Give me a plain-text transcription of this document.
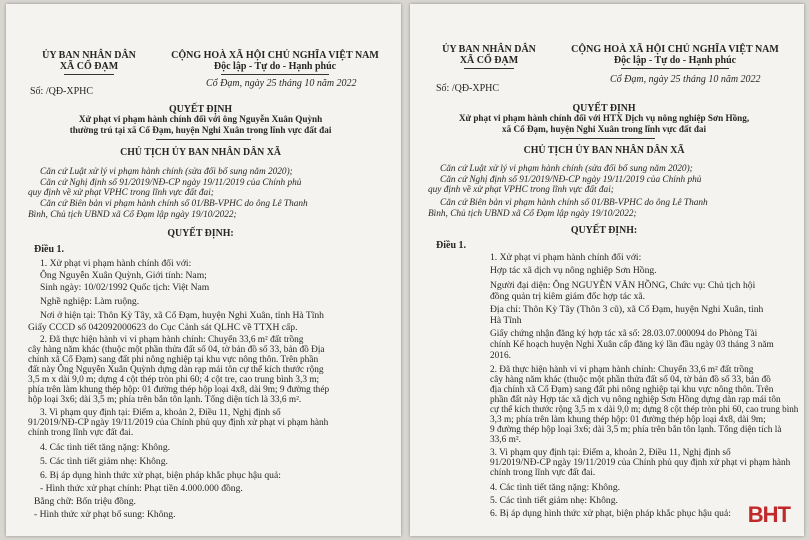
ỦY BAN NHÂN DÂN
XÃ CỔ ĐẠM
CỘNG HOÀ XÃ HỘI CHỦ NGHĨA VIỆT NAM
Độc lập - Tự do - Hạnh phúc
Số: /QĐ-XPHC
Cổ Đạm, ngày 25 tháng 10 năm 2022
QUYẾT ĐỊNH
Xử phạt vi phạm hành chính đối với ông Nguyễn Xuân Quỳnh
thường trú tại xã Cổ Đạm, huyện Nghi Xuân trong lĩnh vực đất đai
CHỦ TỊCH ỦY BAN NHÂN DÂN XÃ
Căn cứ Luật xử lý vi phạm hành chính (sửa đổi bổ sung năm 2020);
Căn cứ Nghị định số 91/2019/NĐ-CP ngày 19/11/2019 của Chính phủ
quy định về xử phạt VPHC trong lĩnh vực đất đai;
Căn cứ Biên bản vi phạm hành chính số 01/BB-VPHC do ông Lê Thanh
Bình, Chủ tịch UBND xã Cổ Đạm lập ngày 19/10/2022;
QUYẾT ĐỊNH:
Điều 1.
1. Xử phạt vi phạm hành chính đối với:
Ông Nguyễn Xuân Quỳnh, Giới tính: Nam;
Sinh ngày: 10/02/1992 Quốc tịch: Việt Nam
Nghề nghiệp: Làm ruộng.
Nơi ở hiện tại: Thôn Kỳ Tây, xã Cổ Đạm, huyện Nghi Xuân, tỉnh Hà Tĩnh
Giấy CCCD số 042092000623 do Cục Cảnh sát QLHC về TTXH cấp.
2. Đã thực hiện hành vi vi phạm hành chính: Chuyển 33,6 m² đất trồng
cây hàng năm khác (thuộc một phần thửa đất số 04, tờ bản đồ số 33, bản đồ Địa
chính xã Cổ Đạm) sang đất phi nông nghiệp tại khu vực nông thôn. Trên phần
đất này Ông Nguyễn Xuân Quỳnh dựng dàn rạp mái tôn cự thể kích thước rộng
3,5 m x dài 9,0 m; dựng 4 cột thép tròn phi 60; 4 cột tre, cao trung bình 3,3 m;
phía trên làm khung thép hộp: 01 đường thép hộp loại 4x8, dài 9m; 9 đường thép
hộp loại 3x6; dài 3,5 m; phía trên bắn tôn lạnh. Tổng diện tích là 33,6 m².
3. Vi phạm quy định tại: Điểm a, khoản 2, Điều 11, Nghị định số
91/2019/NĐ-CP ngày 19/11/2019 của Chính phủ quy định xử phạt vi phạm hành
chính trong lĩnh vực đất đai.
4. Các tình tiết tăng nặng: Không.
5. Các tình tiết giảm nhẹ: Không.
6. Bị áp dụng hình thức xử phạt, biện pháp khắc phục hậu quả:
- Hình thức xử phạt chính: Phạt tiền 4.000.000 đồng.
Bằng chữ: Bốn triệu đồng.
- Hình thức xử phạt bổ sung: Không.
ỦY BAN NHÂN DÂN
XÃ CỔ ĐẠM
CỘNG HOÀ XÃ HỘI CHỦ NGHĨA VIỆT NAM
Độc lập - Tự do - Hạnh phúc
Số: /QĐ-XPHC
Cổ Đạm, ngày 25 tháng 10 năm 2022
QUYẾT ĐỊNH
Xử phạt vi phạm hành chính đối với HTX Dịch vụ nông nghiệp Sơn Hồng,
xã Cổ Đạm, huyện Nghi Xuân trong lĩnh vực đất đai
CHỦ TỊCH ỦY BAN NHÂN DÂN XÃ
Căn cứ Luật xử lý vi phạm hành chính (sửa đổi bổ sung năm 2020);
Căn cứ Nghị định số 91/2019/NĐ-CP ngày 19/11/2019 của Chính phủ
quy định về xử phạt VPHC trong lĩnh vực đất đai;
Căn cứ Biên bản vi phạm hành chính số 01/BB-VPHC do ông Lê Thanh
Bình, Chủ tịch UBND xã Cổ Đạm lập ngày 19/10/2022;
QUYẾT ĐỊNH:
Điều 1.
1. Xử phạt vi phạm hành chính đối với:
Hợp tác xã dịch vụ nông nghiệp Sơn Hồng.
Người đại diện: Ông NGUYỄN VĂN HỒNG, Chức vụ: Chủ tịch hội
đồng quản trị kiêm giám đốc hợp tác xã.
Địa chỉ: Thôn Kỳ Tây (Thôn 3 cũ), xã Cổ Đạm, huyện Nghi Xuân, tỉnh
Hà Tĩnh
Giấy chứng nhận đăng ký hợp tác xã số: 28.03.07.000094 do Phòng Tài
chính Kế hoạch huyện Nghi Xuân cấp đăng ký lần đầu ngày 03 tháng 3 năm
2016.
2. Đã thực hiện hành vi vi phạm hành chính: Chuyển 33,6 m² đất trồng
cây hàng năm khác (thuộc một phần thửa đất số 04, tờ bản đồ số 33, bản đồ
địa chính xã Cổ Đạm) sang đất phi nông nghiệp tại khu vực nông thôn. Trên
phần đất này Hợp tác xã dịch vụ nông nghiệp Sơn Hồng dựng dàn rạp mái tôn
cự thể kích thước rộng 3,5 m x dài 9,0 m; dựng 8 cột thép tròn phi 60, cao trung bình
3,3 m; phía trên làm khung thép hộp: 01 đường thép hộp loại 4x8, dài 9m;
9 đường thép hộp loại 3x6; dài 3,5 m; phía trên bắn tôn lạnh. Tổng diện tích là
33,6 m².
3. Vi phạm quy định tại: Điểm a, khoản 2, Điều 11, Nghị định số
91/2019/NĐ-CP ngày 19/11/2019 của Chính phủ quy định xử phạt vi phạm hành
chính trong lĩnh vực đất đai.
4. Các tình tiết tăng nặng: Không.
5. Các tình tiết giảm nhẹ: Không.
6. Bị áp dụng hình thức xử phạt, biện pháp khắc phục hậu quả: BHT
